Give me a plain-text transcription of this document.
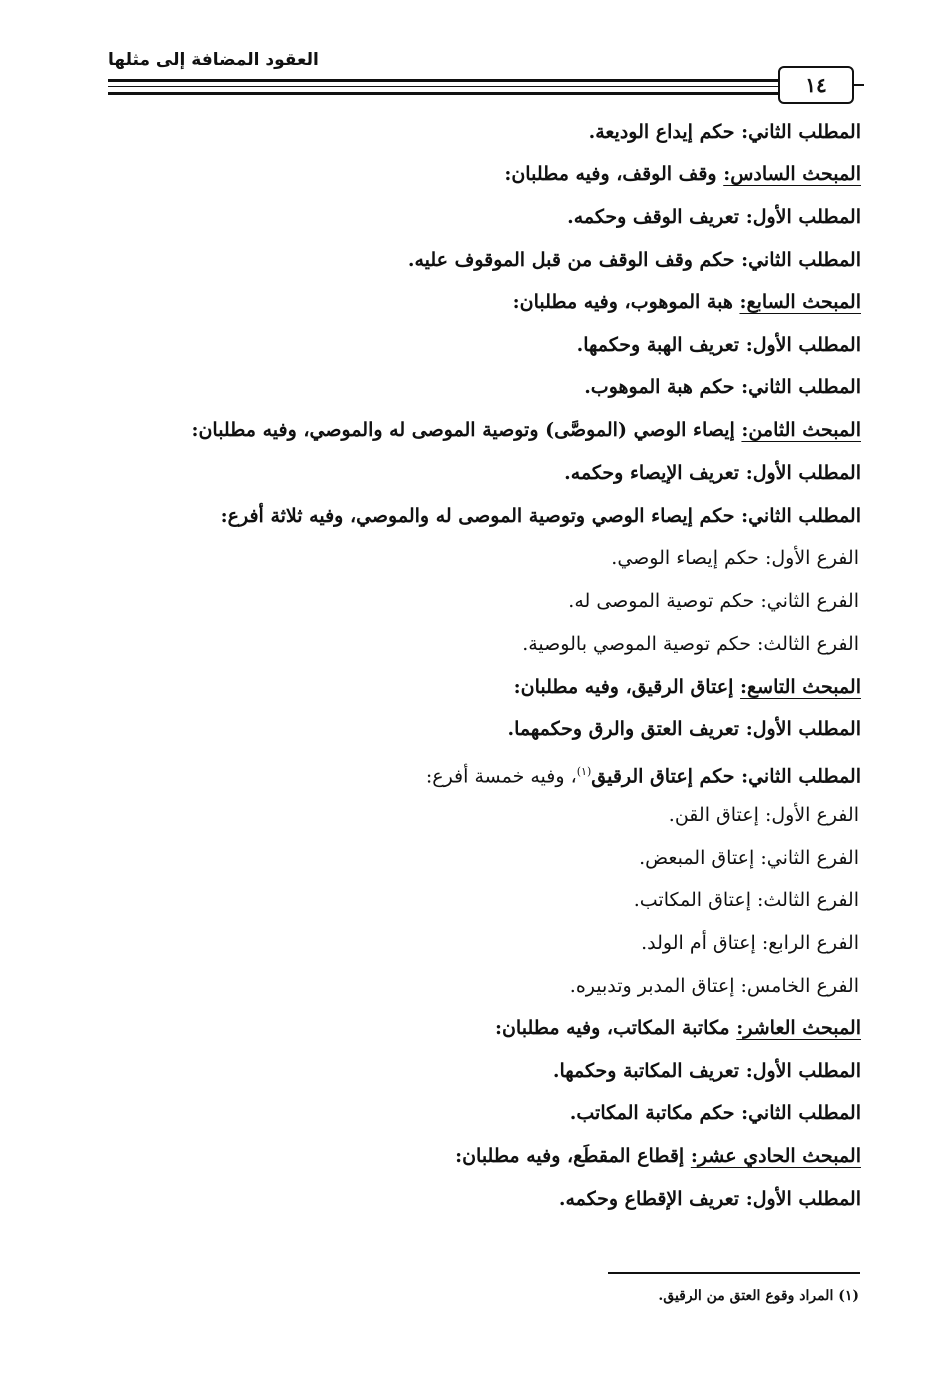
العقود المضافة إلى مثلها
١٤
المطلب الثاني: حكم إيداع الوديعة.
المبحث السادس: وقف الوقف، وفيه مطلبان:
المطلب الأول: تعريف الوقف وحكمه.
المطلب الثاني: حكم وقف الوقف من قبل الموقوف عليه.
المبحث السابع: هبة الموهوب، وفيه مطلبان:
المطلب الأول: تعريف الهبة وحكمها.
المطلب الثاني: حكم هبة الموهوب.
المبحث الثامن: إيصاء الوصي (الموصَّى) وتوصية الموصى له والموصي، وفيه مطلبان:
المطلب الأول: تعريف الإيصاء وحكمه.
المطلب الثاني: حكم إيصاء الوصي وتوصية الموصى له والموصي، وفيه ثلاثة أفرع:
الفرع الأول: حكم إيصاء الوصي.
الفرع الثاني: حكم توصية الموصى له.
الفرع الثالث: حكم توصية الموصي بالوصية.
المبحث التاسع: إعتاق الرقيق، وفيه مطلبان:
المطلب الأول: تعريف العتق والرق وحكمهما.
المطلب الثاني: حكم إعتاق الرقيق$^{(١)}$، وفيه خمسة أفرع:
الفرع الأول: إعتاق القن.
الفرع الثاني: إعتاق المبعض.
الفرع الثالث: إعتاق المكاتب.
الفرع الرابع: إعتاق أم الولد.
الفرع الخامس: إعتاق المدبر وتدبيره.
المبحث العاشر: مكاتبة المكاتب، وفيه مطلبان:
المطلب الأول: تعريف المكاتبة وحكمها.
المطلب الثاني: حكم مكاتبة المكاتب.
المبحث الحادي عشر: إقطاع المقطَع، وفيه مطلبان:
المطلب الأول: تعريف الإقطاع وحكمه.
(١) المراد وقوع العتق من الرقيق.
